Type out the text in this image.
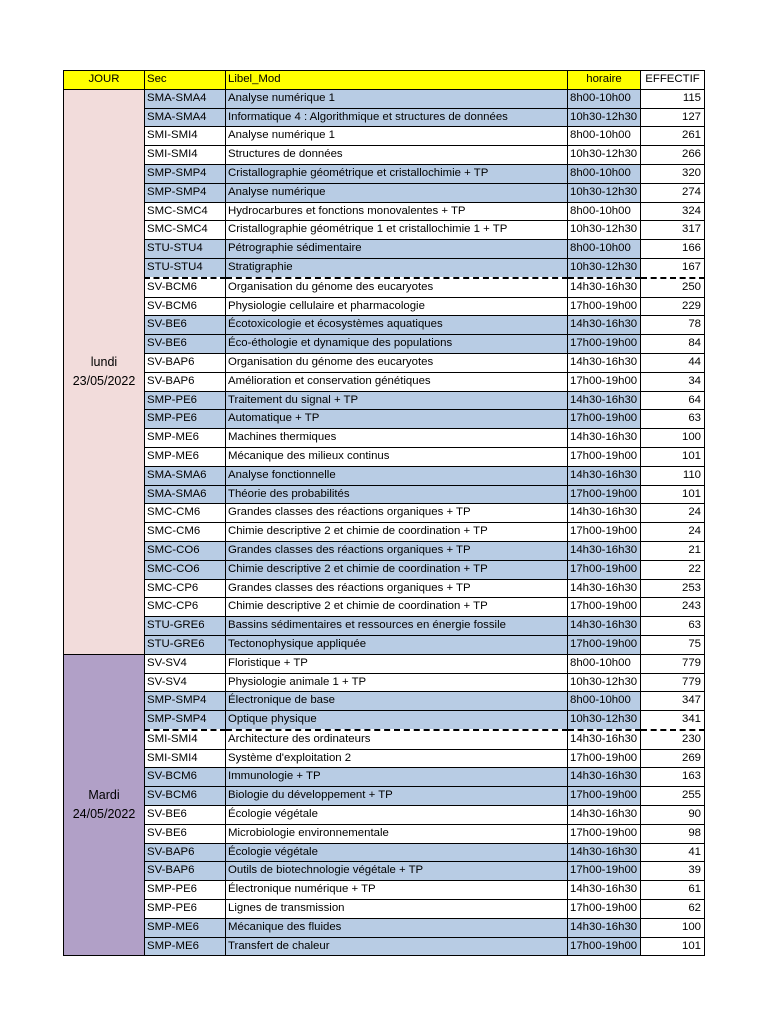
JOUR	Sec	Libel_Mod	horaire	EFFECTIF

lundi
23/05/2022	SMA-SMA4	Analyse numérique 1	8h00-10h00	115
	SMA-SMA4	Informatique 4 : Algorithmique et structures de données	10h30-12h30	127
	SMI-SMI4	Analyse numérique 1	8h00-10h00	261
	SMI-SMI4	Structures de données	10h30-12h30	266
	SMP-SMP4	Cristallographie géométrique et cristallochimie + TP	8h00-10h00	320
	SMP-SMP4	Analyse numérique	10h30-12h30	274
	SMC-SMC4	Hydrocarbures et fonctions monovalentes + TP	8h00-10h00	324
	SMC-SMC4	Cristallographie géométrique 1 et cristallochimie 1 + TP	10h30-12h30	317
	STU-STU4	Pétrographie sédimentaire	8h00-10h00	166
	STU-STU4	Stratigraphie	10h30-12h30	167
	SV-BCM6	Organisation du génome des eucaryotes	14h30-16h30	250
	SV-BCM6	Physiologie cellulaire et pharmacologie	17h00-19h00	229
	SV-BE6	Écotoxicologie et écosystèmes aquatiques	14h30-16h30	78
	SV-BE6	Éco-éthologie et dynamique des populations	17h00-19h00	84
	SV-BAP6	Organisation du génome des eucaryotes	14h30-16h30	44
	SV-BAP6	Amélioration et conservation génétiques	17h00-19h00	34
	SMP-PE6	Traitement du signal + TP	14h30-16h30	64
	SMP-PE6	Automatique + TP	17h00-19h00	63
	SMP-ME6	Machines thermiques	14h30-16h30	100
	SMP-ME6	Mécanique des milieux continus	17h00-19h00	101
	SMA-SMA6	Analyse fonctionnelle	14h30-16h30	110
	SMA-SMA6	Théorie des probabilités	17h00-19h00	101
	SMC-CM6	Grandes classes des réactions organiques + TP	14h30-16h30	24
	SMC-CM6	Chimie descriptive 2 et chimie de coordination + TP	17h00-19h00	24
	SMC-CO6	Grandes classes des réactions organiques + TP	14h30-16h30	21
	SMC-CO6	Chimie descriptive 2 et chimie de coordination + TP	17h00-19h00	22
	SMC-CP6	Grandes classes des réactions organiques + TP	14h30-16h30	253
	SMC-CP6	Chimie descriptive 2 et chimie de coordination + TP	17h00-19h00	243
	STU-GRE6	Bassins sédimentaires et ressources en énergie fossile	14h30-16h30	63
	STU-GRE6	Tectonophysique appliquée	17h00-19h00	75

Mardi
24/05/2022	SV-SV4	Floristique + TP	8h00-10h00	779
	SV-SV4	Physiologie animale 1 + TP	10h30-12h30	779
	SMP-SMP4	Électronique de base	8h00-10h00	347
	SMP-SMP4	Optique physique	10h30-12h30	341
	SMI-SMI4	Architecture des ordinateurs	14h30-16h30	230
	SMI-SMI4	Système d'exploitation 2	17h00-19h00	269
	SV-BCM6	Immunologie + TP	14h30-16h30	163
	SV-BCM6	Biologie du développement + TP	17h00-19h00	255
	SV-BE6	Écologie végétale	14h30-16h30	90
	SV-BE6	Microbiologie environnementale	17h00-19h00	98
	SV-BAP6	Écologie végétale	14h30-16h30	41
	SV-BAP6	Outils de biotechnologie végétale + TP	17h00-19h00	39
	SMP-PE6	Électronique numérique + TP	14h30-16h30	61
	SMP-PE6	Lignes de transmission	17h00-19h00	62
	SMP-ME6	Mécanique des fluides	14h30-16h30	100
	SMP-ME6	Transfert de chaleur	17h00-19h00	101
